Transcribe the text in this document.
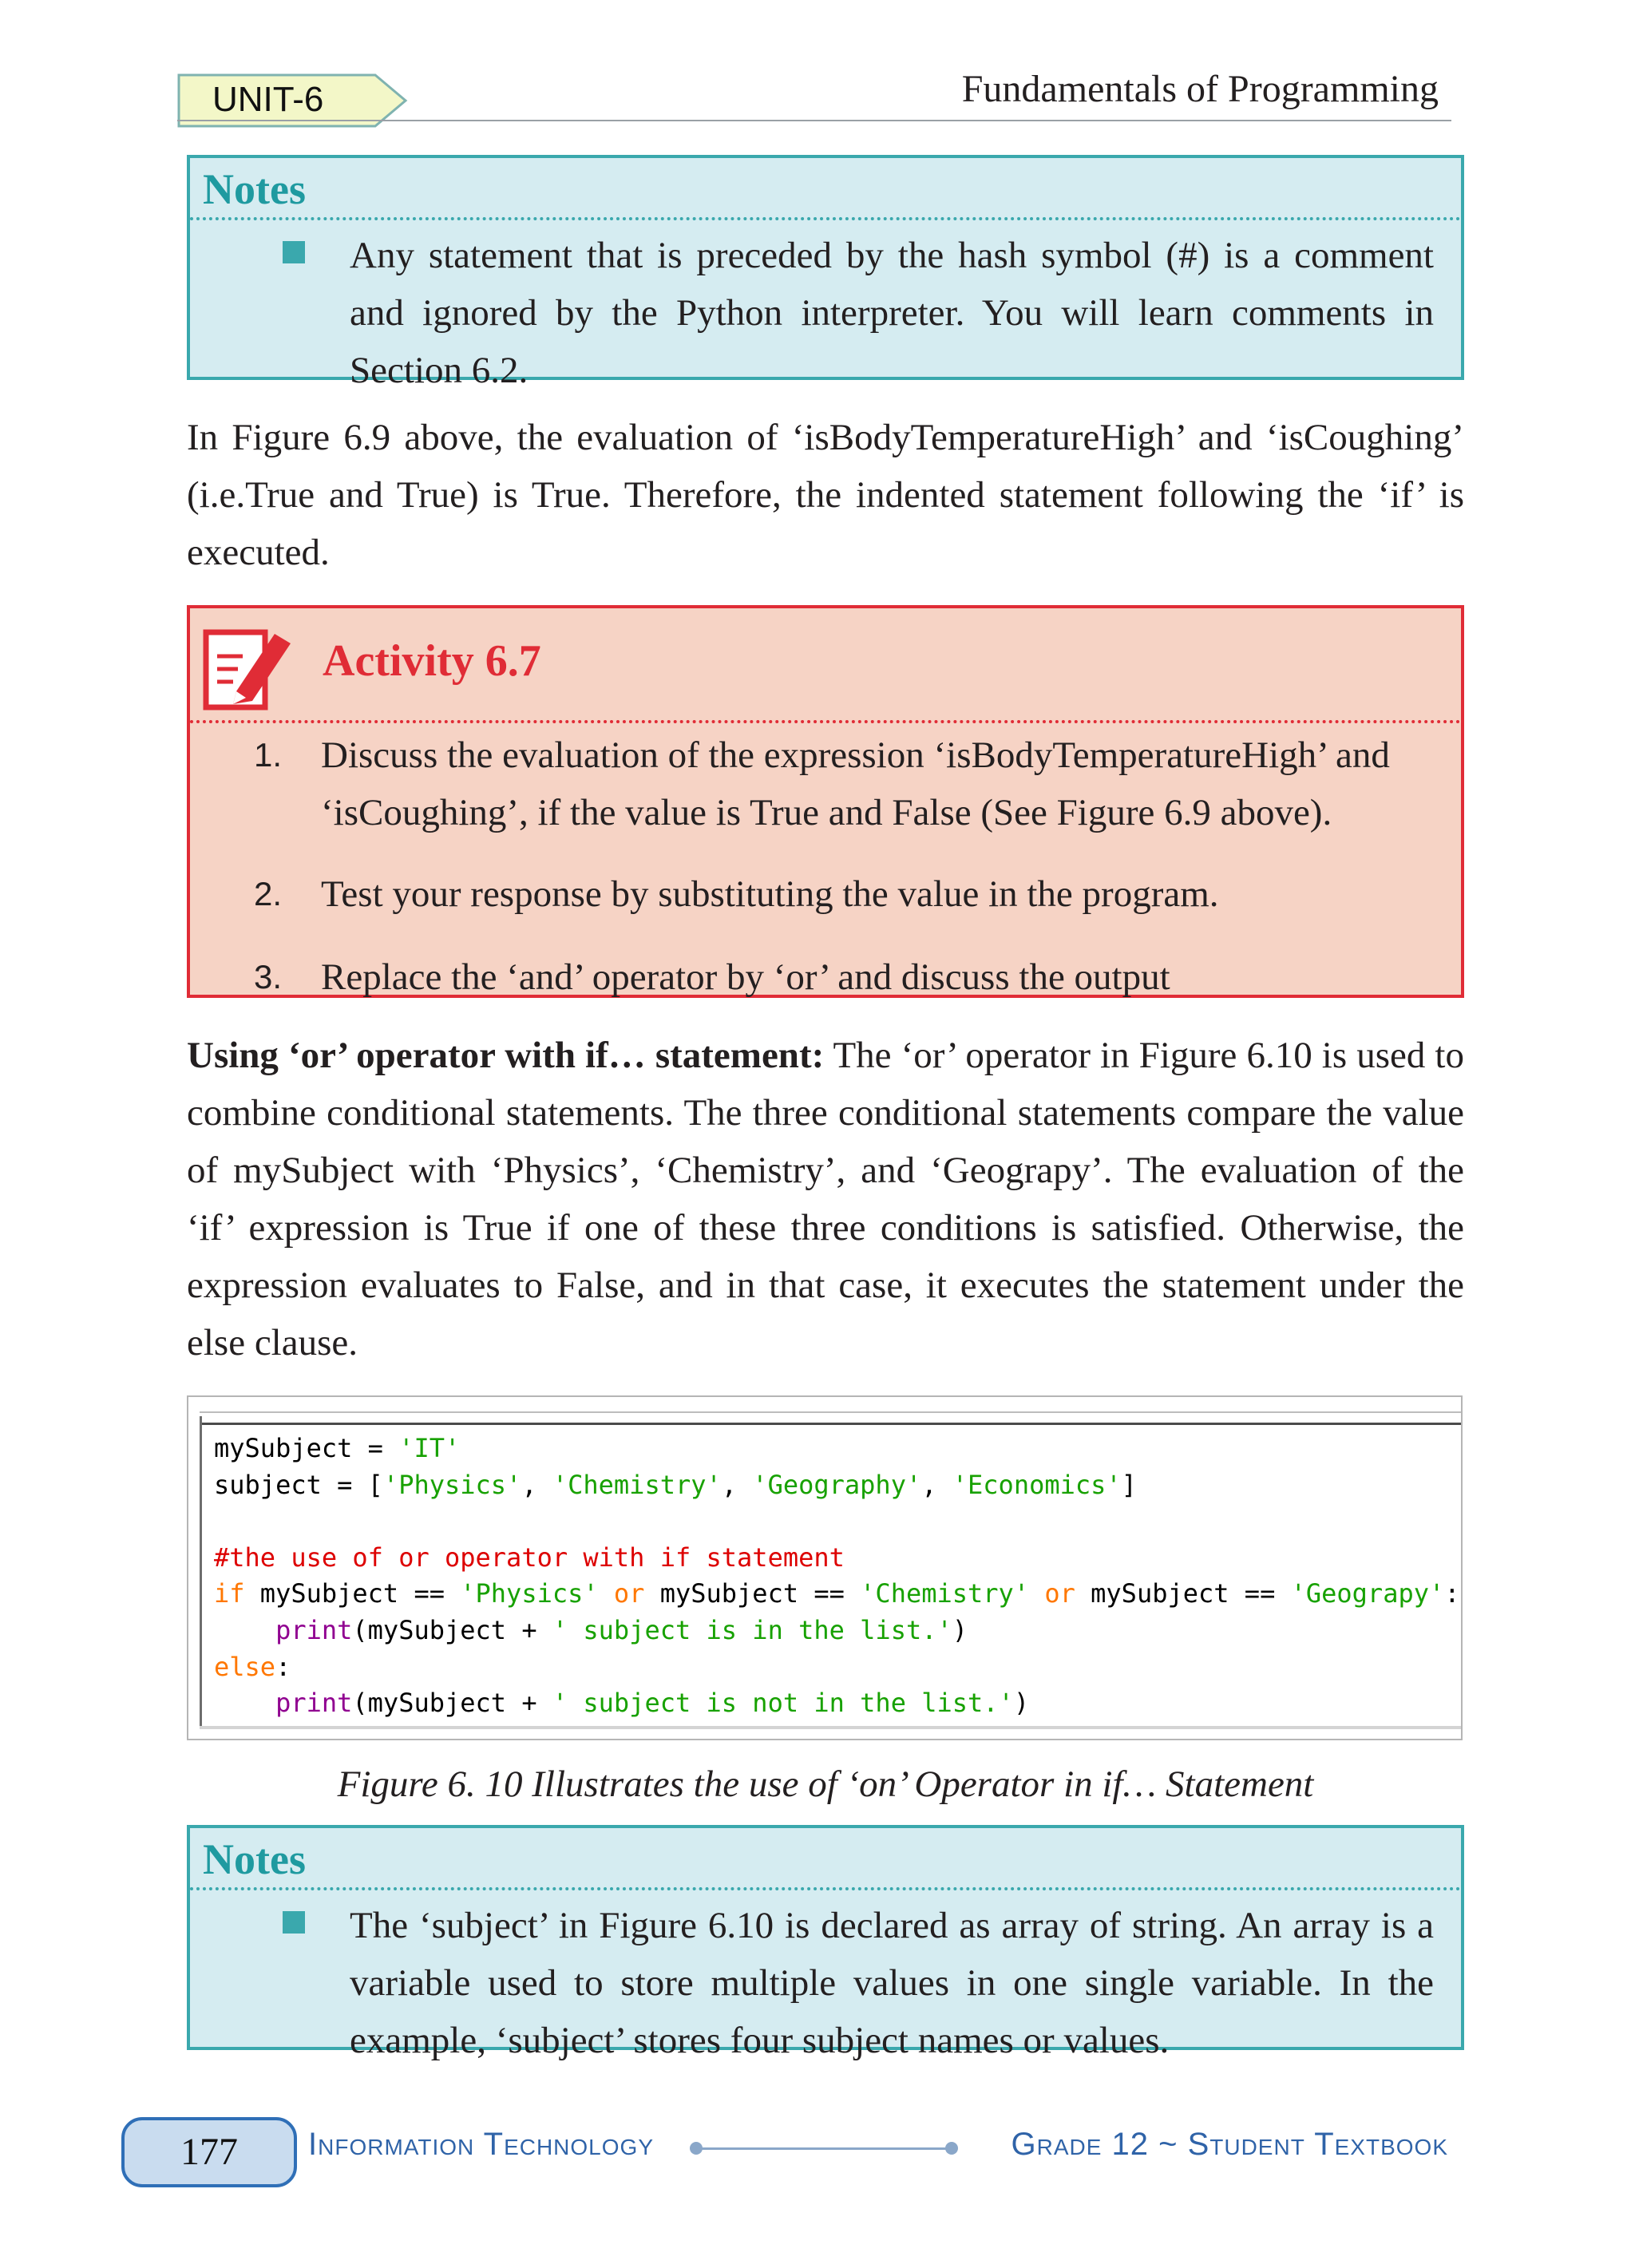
UNIT-6	Fundamentals of Programming
Notes
Any statement that is preceded by the hash symbol (#) is a comment and ignored by the Python interpreter. You will learn comments in Section 6.2.
In Figure 6.9 above, the evaluation of ‘isBodyTemperatureHigh’ and ‘isCoughing’ (i.e.True and True) is True. Therefore, the indented statement following the ‘if’ is executed.
Activity 6.7
1.	Discuss the evaluation of the expression ‘isBodyTemperatureHigh’ and ‘isCoughing’, if the value is True and False (See Figure 6.9 above).
2.	Test your response by substituting the value in the program.
3.	Replace the ‘and’ operator by ‘or’ and discuss the output
Using ‘or’ operator with if… statement: The ‘or’ operator in Figure 6.10 is used to combine conditional statements. The three conditional statements compare the value of mySubject with ‘Physics’, ‘Chemistry’, and ‘Geograpy’. The evaluation of the ‘if’ expression is True if one of these three conditions is satisfied. Otherwise, the expression evaluates to False, and in that case, it executes the statement under the else clause.
mySubject = 'IT'
subject = ['Physics', 'Chemistry', 'Geography', 'Economics']
#the use of or operator with if statement
if mySubject == 'Physics' or mySubject == 'Chemistry' or mySubject == 'Geograpy':
print(mySubject + ' subject is in the list.')
else:
print(mySubject + ' subject is not in the list.')
Figure 6. 10 Illustrates the use of ‘on’ Operator in if… Statement
Notes
The ‘subject’ in Figure 6.10 is declared as array of string. An array is a variable used to store multiple values in one single variable. In the example, ‘subject’ stores four subject names or values.
177	Information Technology	Grade 12 ~ Student Textbook
